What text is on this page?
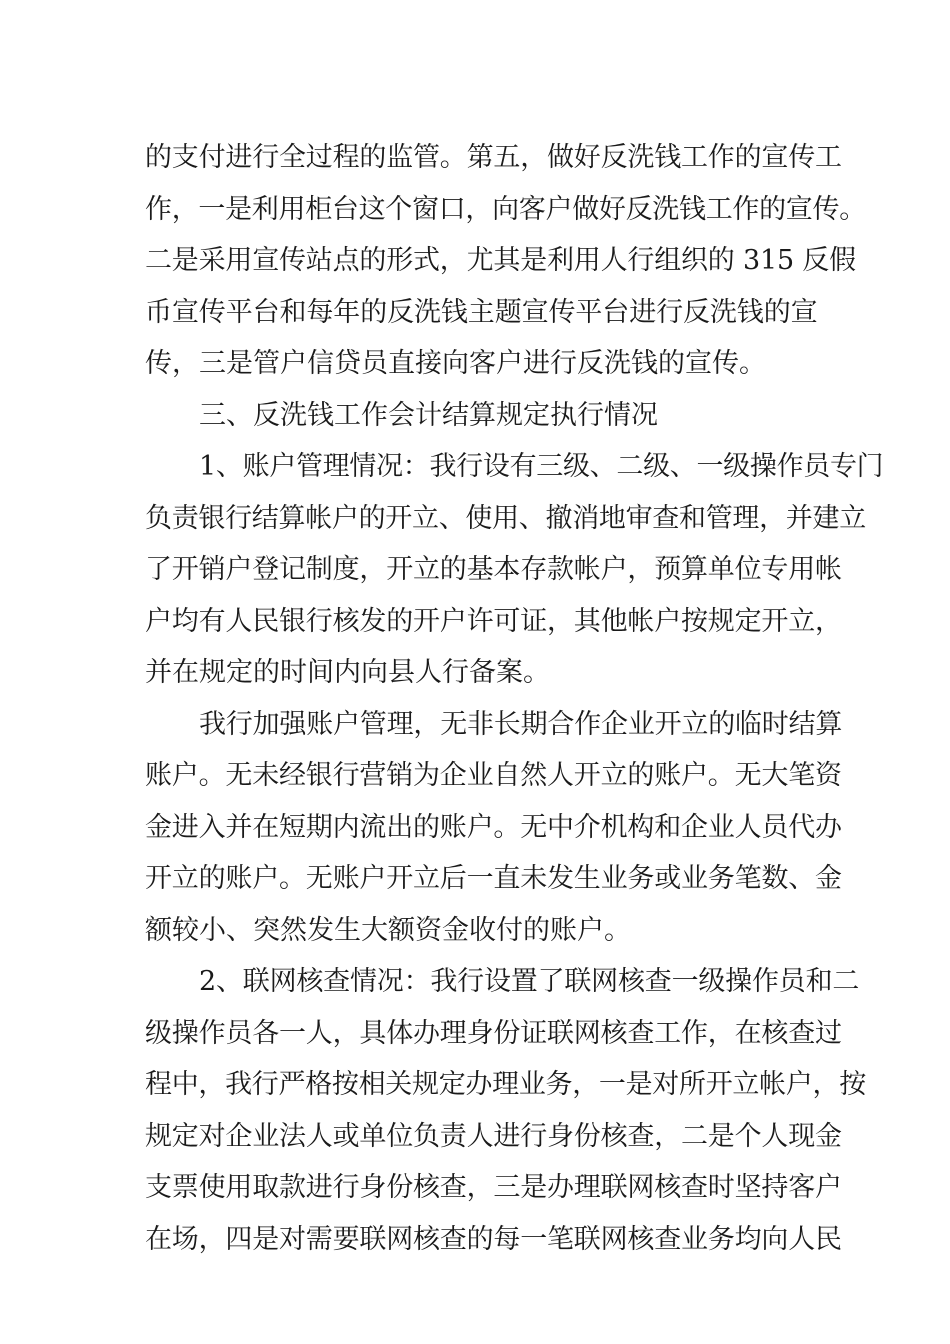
的支付进行全过程的监管。第五，做好反洗钱工作的宣传工
作，一是利用柜台这个窗口，向客户做好反洗钱工作的宣传。
二是采用宣传站点的形式，尤其是利用人行组织的 315 反假
币宣传平台和每年的反洗钱主题宣传平台进行反洗钱的宣
传，三是管户信贷员直接向客户进行反洗钱的宣传。
三、反洗钱工作会计结算规定执行情况
1、账户管理情况：我行设有三级、二级、一级操作员专门
负责银行结算帐户的开立、使用、撤消地审查和管理，并建立
了开销户登记制度，开立的基本存款帐户，预算单位专用帐
户均有人民银行核发的开户许可证，其他帐户按规定开立，
并在规定的时间内向县人行备案。
我行加强账户管理，无非长期合作企业开立的临时结算
账户。无未经银行营销为企业自然人开立的账户。无大笔资
金进入并在短期内流出的账户。无中介机构和企业人员代办
开立的账户。无账户开立后一直未发生业务或业务笔数、金
额较小、突然发生大额资金收付的账户。
2、联网核查情况：我行设置了联网核查一级操作员和二
级操作员各一人，具体办理身份证联网核查工作，在核查过
程中，我行严格按相关规定办理业务，一是对所开立帐户，按
规定对企业法人或单位负责人进行身份核查，二是个人现金
支票使用取款进行身份核查，三是办理联网核查时坚持客户
在场，四是对需要联网核查的每一笔联网核查业务均向人民
